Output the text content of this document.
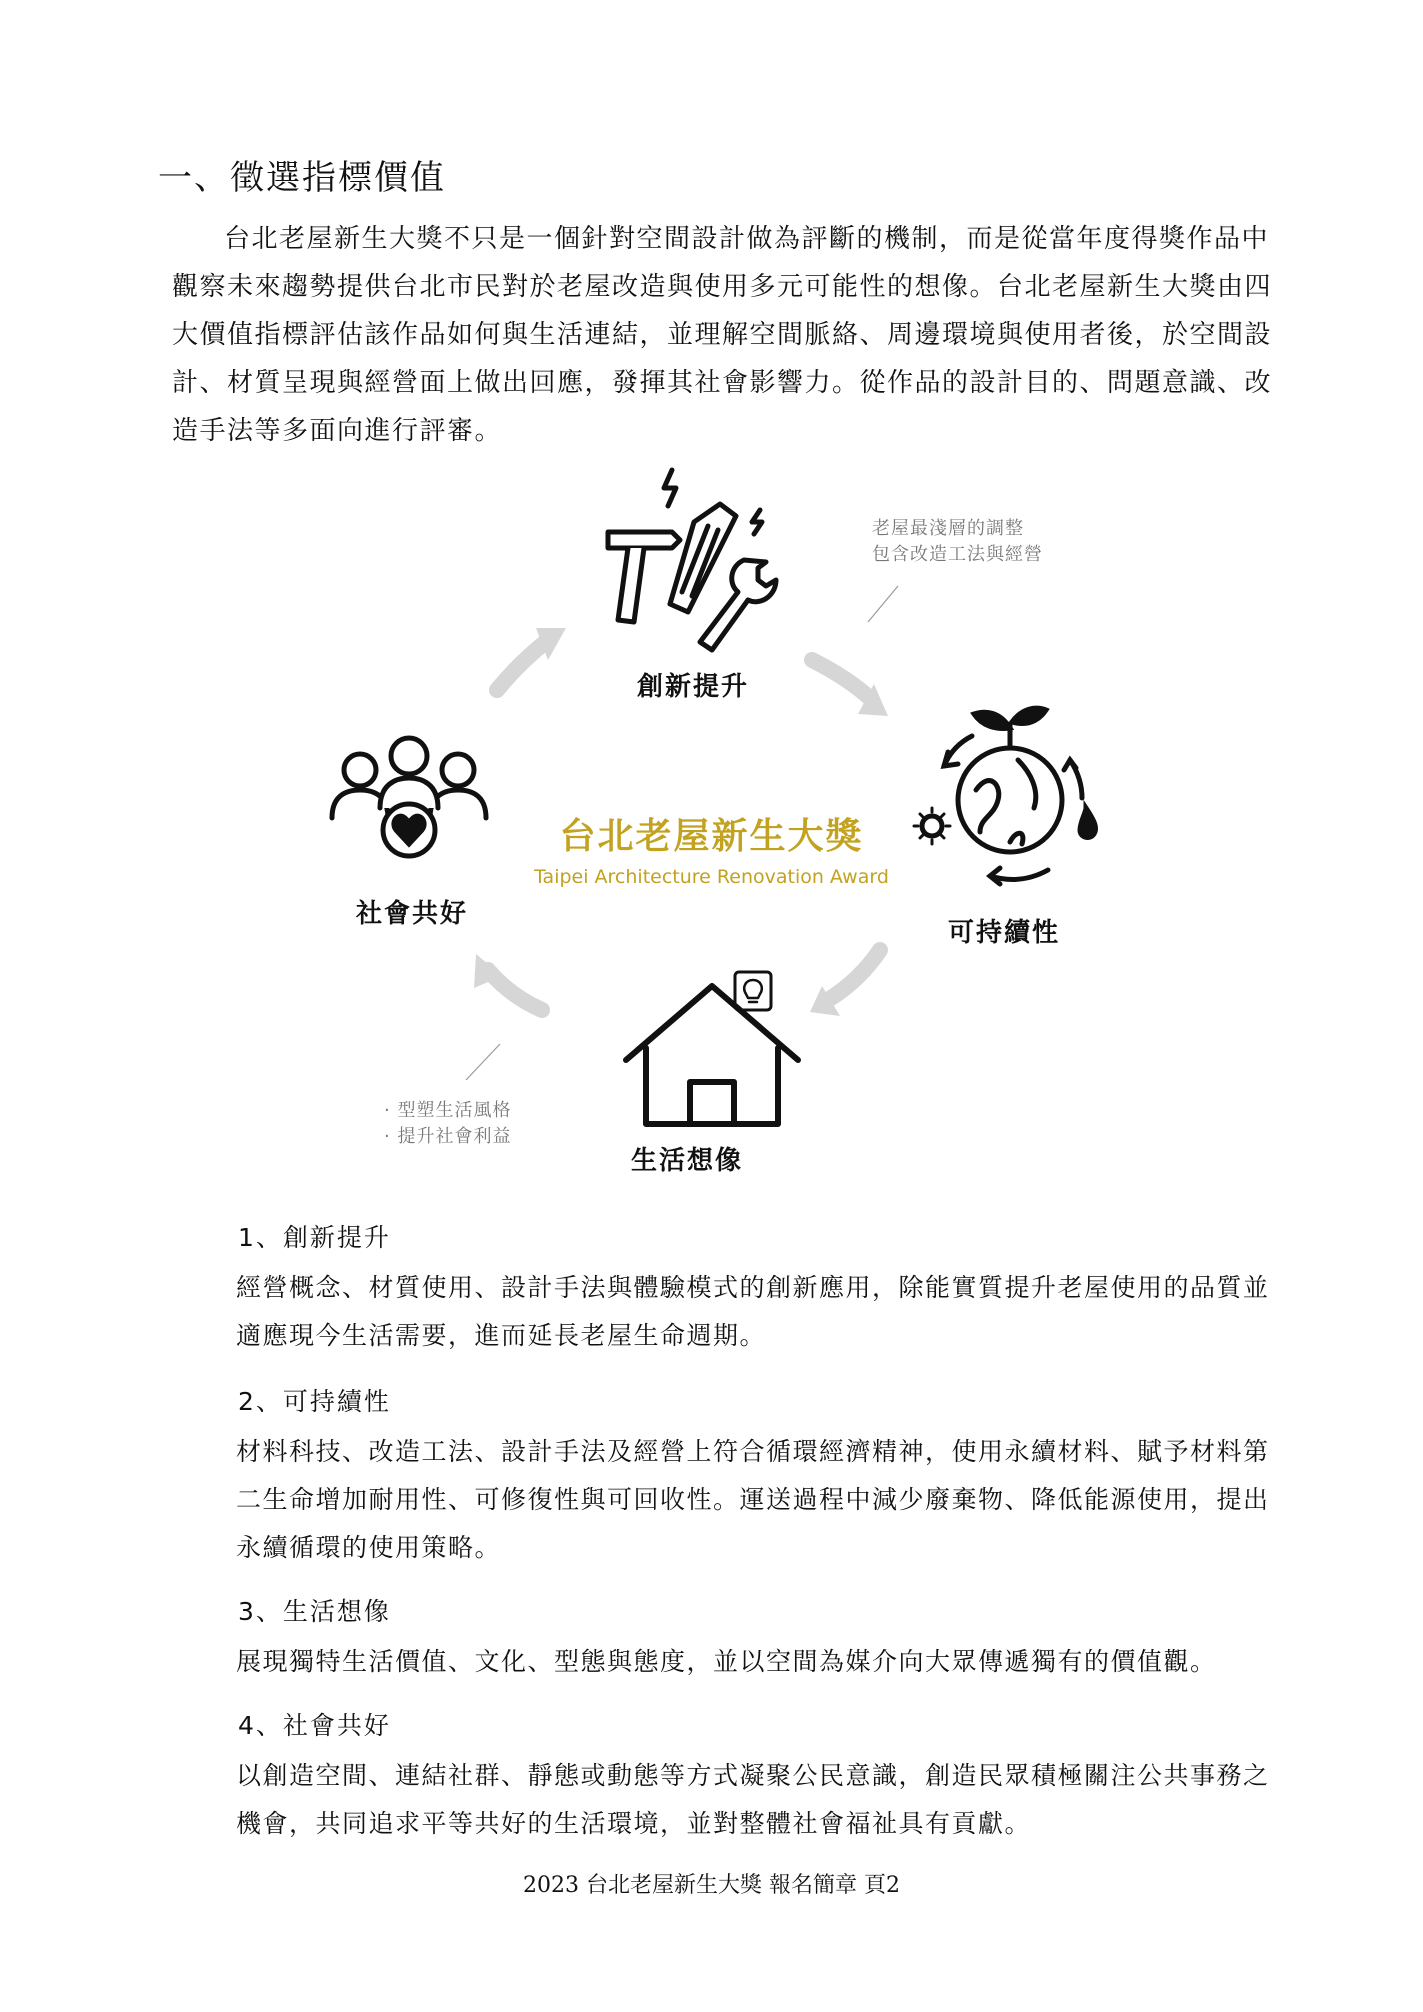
一、徵選指標價值

台北老屋新生大獎不只是一個針對空間設計做為評斷的機制，而是從當年度得獎作品中觀察未來趨勢提供台北市民對於老屋改造與使用多元可能性的想像。台北老屋新生大獎由四大價值指標評估該作品如何與生活連結，並理解空間脈絡、周邊環境與使用者後，於空間設計、材質呈現與經營面上做出回應，發揮其社會影響力。從作品的設計目的、問題意識、改造手法等多面向進行評審。

創新提升
可持續性
生活想像
社會共好
台北老屋新生大獎
Taipei Architecture Renovation Award
老屋最淺層的調整
包含改造工法與經營
· 型塑生活風格
· 提升社會利益
1、創新提升
經營概念、材質使用、設計手法與體驗模式的創新應用，除能實質提升老屋使用的品質並適應現今生活需要，進而延長老屋生命週期。
2、可持續性
材料科技、改造工法、設計手法及經營上符合循環經濟精神，使用永續材料、賦予材料第二生命增加耐用性、可修復性與可回收性。運送過程中減少廢棄物、降低能源使用，提出永續循環的使用策略。
3、生活想像
展現獨特生活價值、文化、型態與態度，並以空間為媒介向大眾傳遞獨有的價值觀。
4、社會共好
以創造空間、連結社群、靜態或動態等方式凝聚公民意識，創造民眾積極關注公共事務之機會，共同追求平等共好的生活環境，並對整體社會福祉具有貢獻。
2023 台北老屋新生大獎 報名簡章 頁2
